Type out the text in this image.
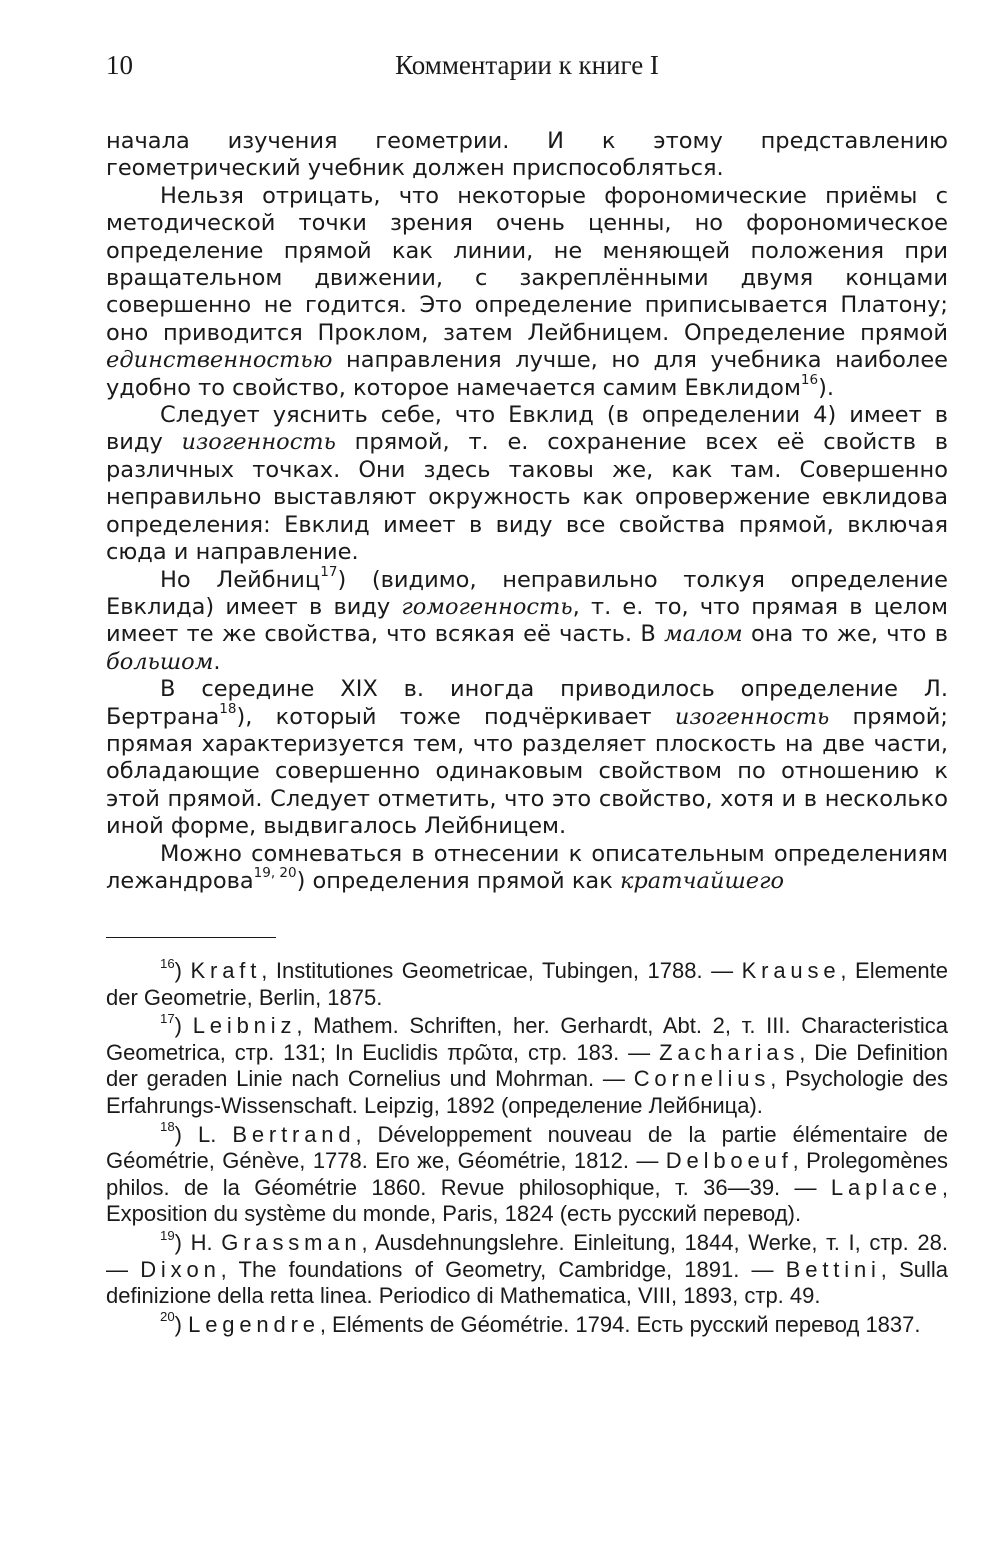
10	Комментарии к книге I

начала изучения геометрии. И к этому представлению геометрический учебник должен приспособляться.

Нельзя отрицать, что некоторые форономические приёмы с методической точки зрения очень ценны, но форономическое определение прямой как линии, не меняющей положения при вращательном движении, с закреплёнными двумя концами совершенно не годится. Это определение приписывается Платону; оно приводится Проклом, затем Лейбницем. Определение прямой единственностью направления лучше, но для учебника наиболее удобно то свойство, которое намечается самим Евклидом$^{16}$).

Следует уяснить себе, что Евклид (в определении 4) имеет в виду изогенность прямой, т. е. сохранение всех её свойств в различных точках. Они здесь таковы же, как там. Совершенно неправильно выставляют окружность как опровержение евклидова определения: Евклид имеет в виду все свойства прямой, включая сюда и направление.

Но Лейбниц$^{17}$) (видимо, неправильно толкуя определение Евклида) имеет в виду гомогенность, т. е. то, что прямая в целом имеет те же свойства, что всякая её часть. В малом она то же, что в большом.

В середине XIX в. иногда приводилось определение Л. Бертрана$^{18}$), который тоже подчёркивает изогенность прямой; прямая характеризуется тем, что разделяет плоскость на две части, обладающие совершенно одинаковым свойством по отношению к этой прямой. Следует отметить, что это свойство, хотя и в несколько иной форме, выдвигалось Лейбницем.

Можно сомневаться в отнесении к описательным определениям лежандрова$^{19, 20}$) определения прямой как кратчайшего

$^{16}$) Kraft, Institutiones Geometricae, Tubingen, 1788. — Krause, Elemente der Geometrie, Berlin, 1875.

$^{17}$) Leibniz, Mathem. Schriften, her. Gerhardt, Abt. 2, т. III. Characteristica Geometrica, стр. 131; In Euclidis πρῶτα, стр. 183. — Zacharias, Die Definition der geraden Linie nach Cornelius und Mohrman. — Cornelius, Psychologie des Erfahrungs-Wissenschaft. Leipzig, 1892 (определение Лейбница).

$^{18}$) L. Bertrand, Développement nouveau de la partie élémentaire de Géométrie, Génève, 1778. Его же, Géométrie, 1812. — Delboeuf, Prolegomènes philos. de la Géométrie 1860. Revue philosophique, т. 36—39. — Laplace, Exposition du système du monde, Paris, 1824 (есть русский перевод).

$^{19}$) H. Grassman, Ausdehnungslehre. Einleitung, 1844, Werke, т. I, стр. 28. — Dixon, The foundations of Geometry, Cambridge, 1891. — Bettini, Sulla definizione della retta linea. Periodico di Mathematica, VIII, 1893, стр. 49.

$^{20}$) Legendre, Eléments de Géométrie. 1794. Есть русский перевод 1837.
